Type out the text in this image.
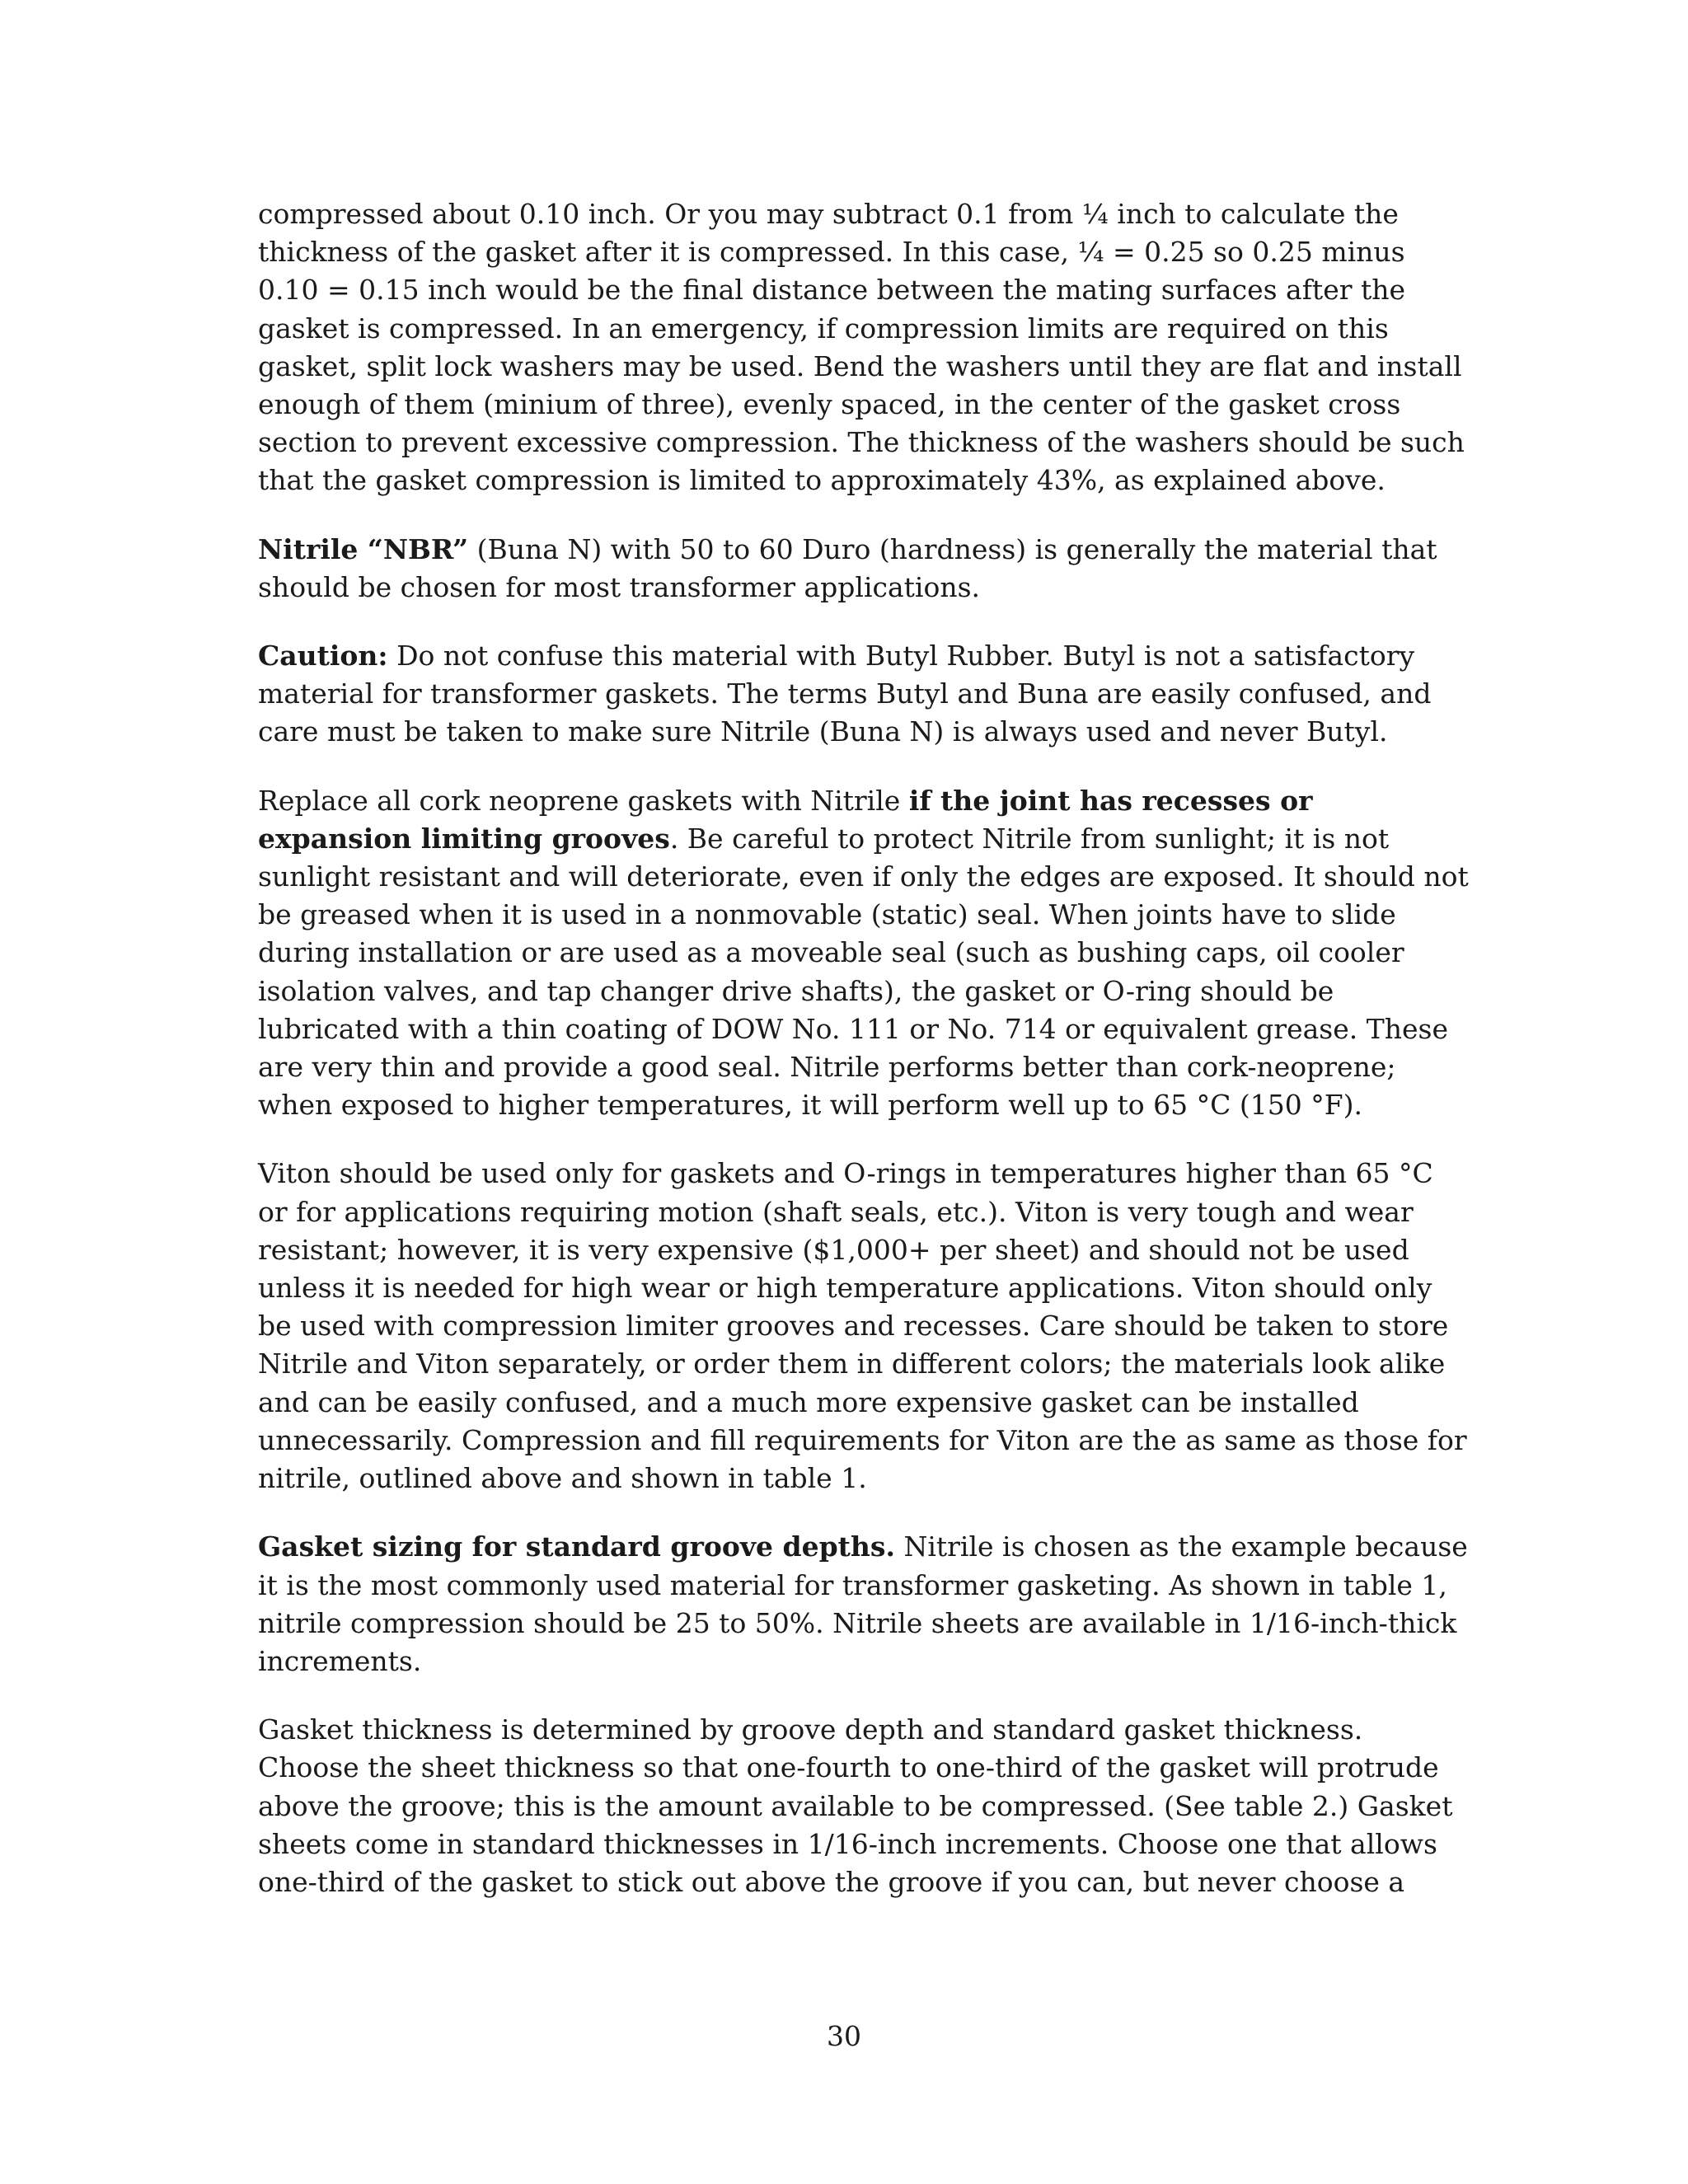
compressed about 0.10 inch. Or you may subtract 0.1 from ¼ inch to calculate the thickness of the gasket after it is compressed. In this case, ¼ = 0.25 so 0.25 minus 0.10 = 0.15 inch would be the final distance between the mating surfaces after the gasket is compressed. In an emergency, if compression limits are required on this gasket, split lock washers may be used. Bend the washers until they are flat and install enough of them (minium of three), evenly spaced, in the center of the gasket cross section to prevent excessive compression. The thickness of the washers should be such that the gasket compression is limited to approximately 43%, as explained above.

Nitrile “NBR” (Buna N) with 50 to 60 Duro (hardness) is generally the material that should be chosen for most transformer applications.

Caution: Do not confuse this material with Butyl Rubber. Butyl is not a satisfactory material for transformer gaskets. The terms Butyl and Buna are easily confused, and care must be taken to make sure Nitrile (Buna N) is always used and never Butyl.

Replace all cork neoprene gaskets with Nitrile if the joint has recesses or expansion limiting grooves. Be careful to protect Nitrile from sunlight; it is not sunlight resistant and will deteriorate, even if only the edges are exposed. It should not be greased when it is used in a nonmovable (static) seal. When joints have to slide during installation or are used as a moveable seal (such as bushing caps, oil cooler isolation valves, and tap changer drive shafts), the gasket or O-ring should be lubricated with a thin coating of DOW No. 111 or No. 714 or equivalent grease. These are very thin and provide a good seal. Nitrile performs better than cork-neoprene; when exposed to higher temperatures, it will perform well up to 65 °C (150 °F).

Viton should be used only for gaskets and O-rings in temperatures higher than 65 °C or for applications requiring motion (shaft seals, etc.). Viton is very tough and wear resistant; however, it is very expensive ($1,000+ per sheet) and should not be used unless it is needed for high wear or high temperature applications. Viton should only be used with compression limiter grooves and recesses. Care should be taken to store Nitrile and Viton separately, or order them in different colors; the materials look alike and can be easily confused, and a much more expensive gasket can be installed unnecessarily. Compression and fill requirements for Viton are the as same as those for nitrile, outlined above and shown in table 1.

Gasket sizing for standard groove depths. Nitrile is chosen as the example because it is the most commonly used material for transformer gasketing. As shown in table 1, nitrile compression should be 25 to 50%. Nitrile sheets are available in 1/16-inch-thick increments.

Gasket thickness is determined by groove depth and standard gasket thickness. Choose the sheet thickness so that one-fourth to one-third of the gasket will protrude above the groove; this is the amount available to be compressed. (See table 2.) Gasket sheets come in standard thicknesses in 1/16-inch increments. Choose one that allows one-third of the gasket to stick out above the groove if you can, but never choose a

30
